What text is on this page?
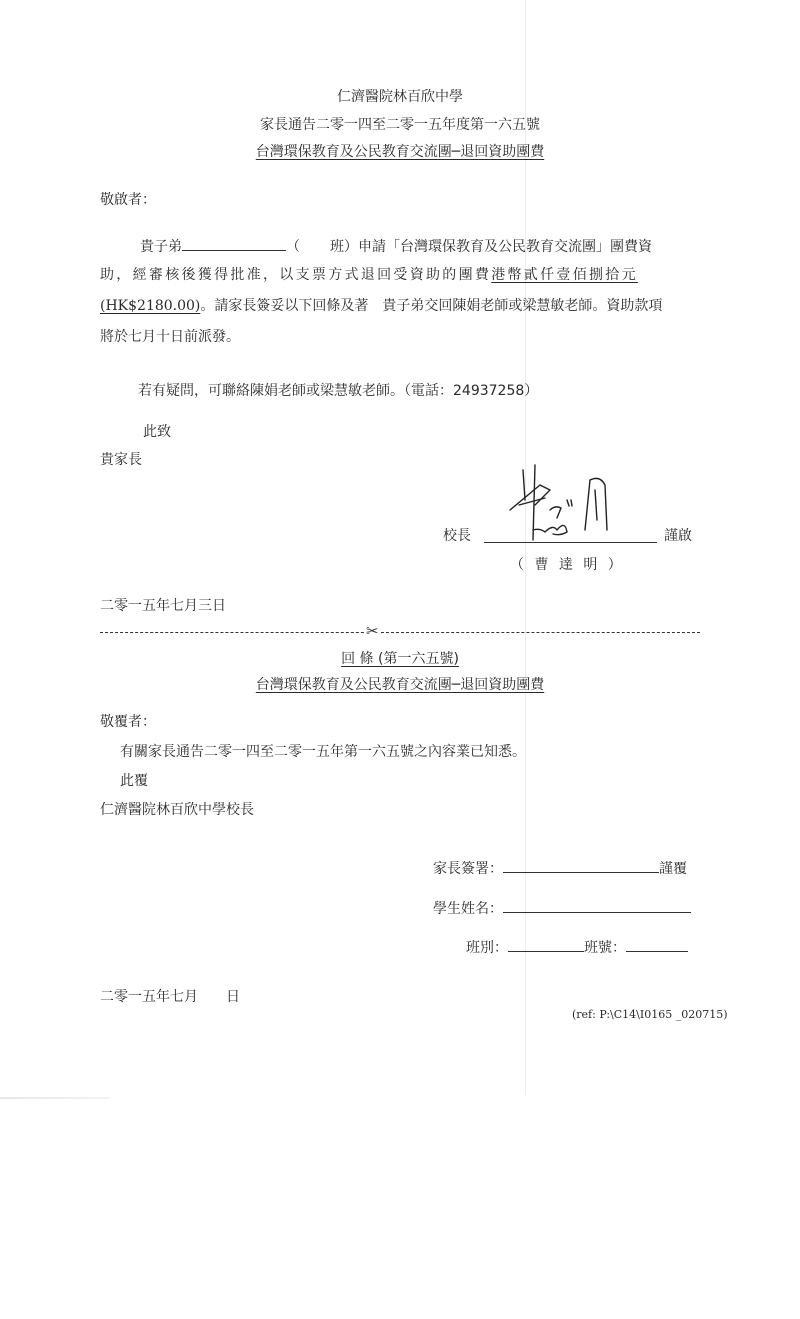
仁濟醫院林百欣中學
家長通告二零一四至二零一五年度第一六五號
台灣環保教育及公民教育交流團─退回資助團費
敬啟者：
貴子弟	（ 班）申請「台灣環保教育及公民教育交流團」團費資
助，經審核後獲得批准，以支票方式退回受資助的團費港幣貳仟壹佰捌拾元
(HK$2180.00)。請家長簽妥以下回條及著　貴子弟交回陳娟老師或梁慧敏老師。資助款項
將於七月十日前派發。
若有疑問，可聯絡陳娟老師或梁慧敏老師。（電話：24937258）
此致
貴家長
校長	謹啟
（ 曹 達 明 ）
二零一五年七月三日
✂
回 條 (第一六五號)
台灣環保教育及公民教育交流團─退回資助團費
敬覆者：
有關家長通告二零一四至二零一五年第一六五號之內容業已知悉。
此覆
仁濟醫院林百欣中學校長
家長簽署：	謹覆
學生姓名：
班別：	班號：
二零一五年七月　　日
(ref: P:\C14\I0165 _020715)
